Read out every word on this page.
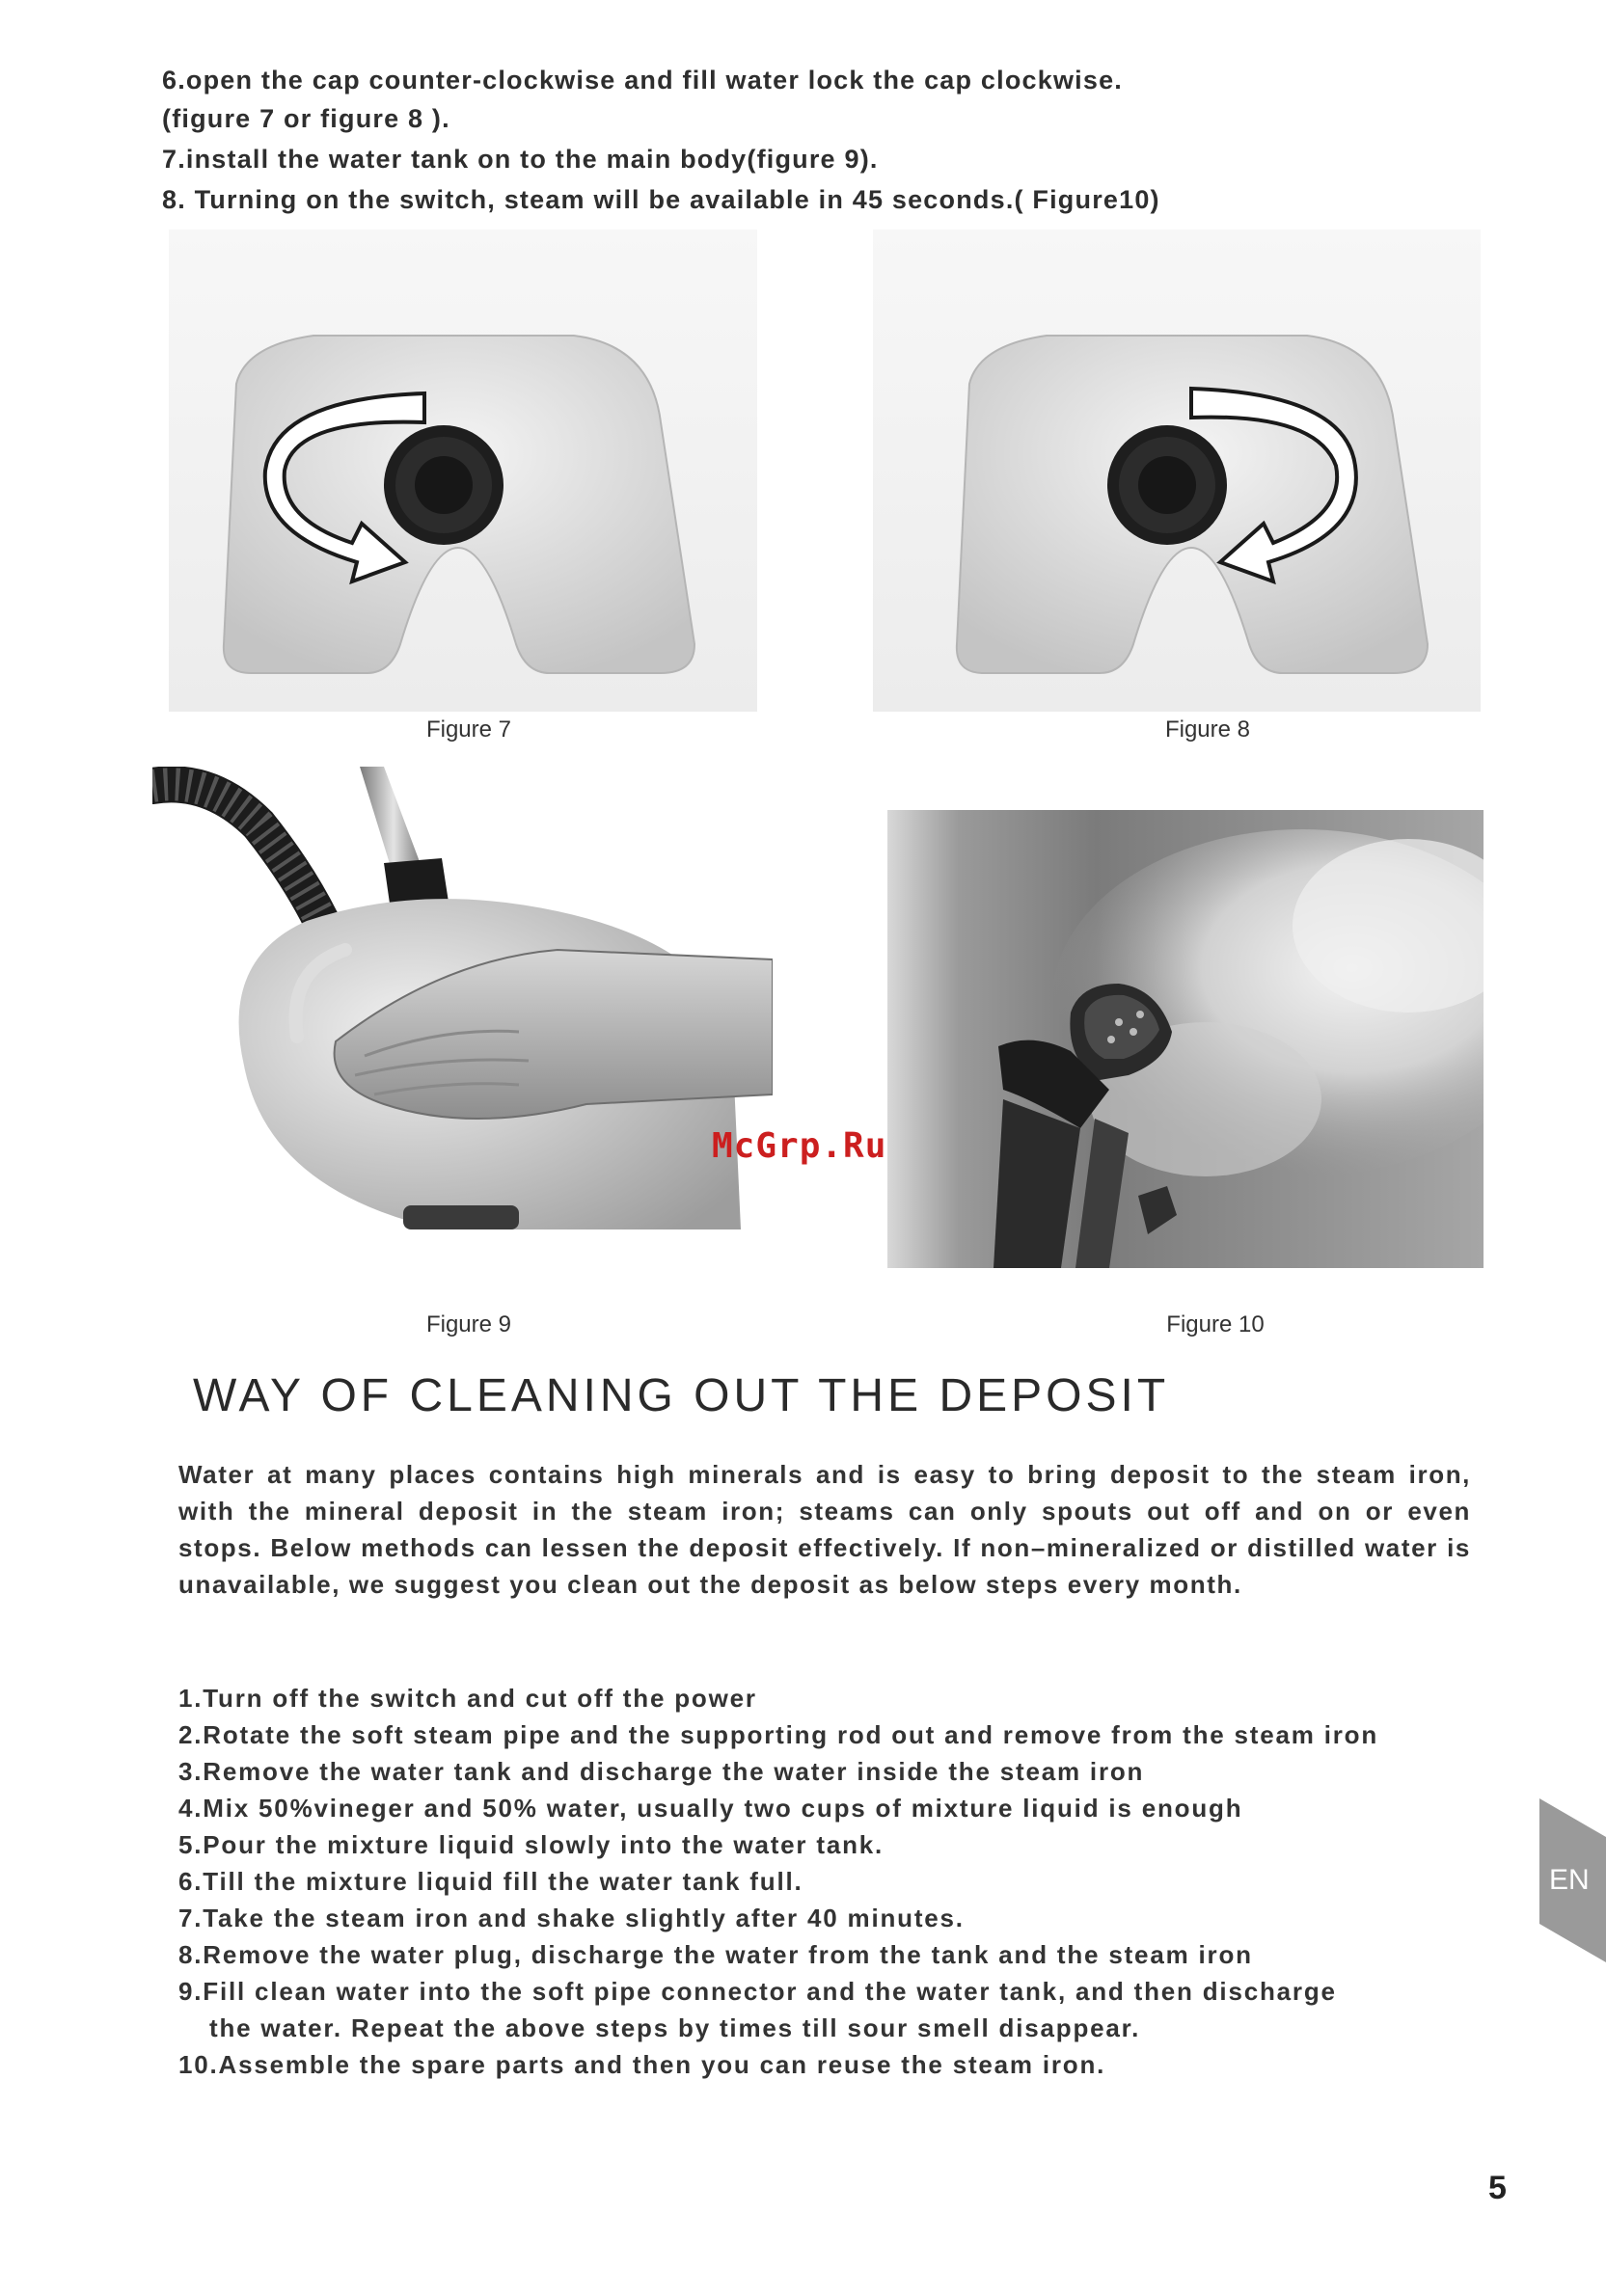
6.open the cap counter-clockwise and fill water lock the cap clockwise.
(figure 7 or figure 8 ).
7.install the water tank on to the main body(figure 9).
8. Turning on the switch, steam will be available in 45 seconds.( Figure10)
Figure 7	Figure 8
Figure 9	Figure 10
McGrp.Ru
WAY OF CLEANING OUT THE DEPOSIT
Water at many places contains high minerals and is easy to bring deposit to the steam iron, with the mineral deposit in the steam iron; steams can only spouts out off and on or even stops. Below methods can lessen the deposit effectively. If non–mineralized or distilled water is unavailable, we suggest you clean out the deposit as below steps every month.
1.Turn off the switch and cut off the power
2.Rotate the soft steam pipe and the supporting rod out and remove from the steam iron
3.Remove the water tank and discharge the water inside the steam iron
4.Mix 50%vineger and 50% water, usually two cups of mixture liquid is enough
5.Pour the mixture liquid slowly into the water tank.
6.Till the mixture liquid fill the water tank full.
7.Take the steam iron and shake slightly after 40 minutes.
8.Remove the water plug, discharge the water from the tank and the steam iron
9.Fill clean water into the soft pipe connector and the water tank, and then discharge
the water. Repeat the above steps by times till sour smell disappear.
10.Assemble the spare parts and then you can reuse the steam iron.
EN
5
